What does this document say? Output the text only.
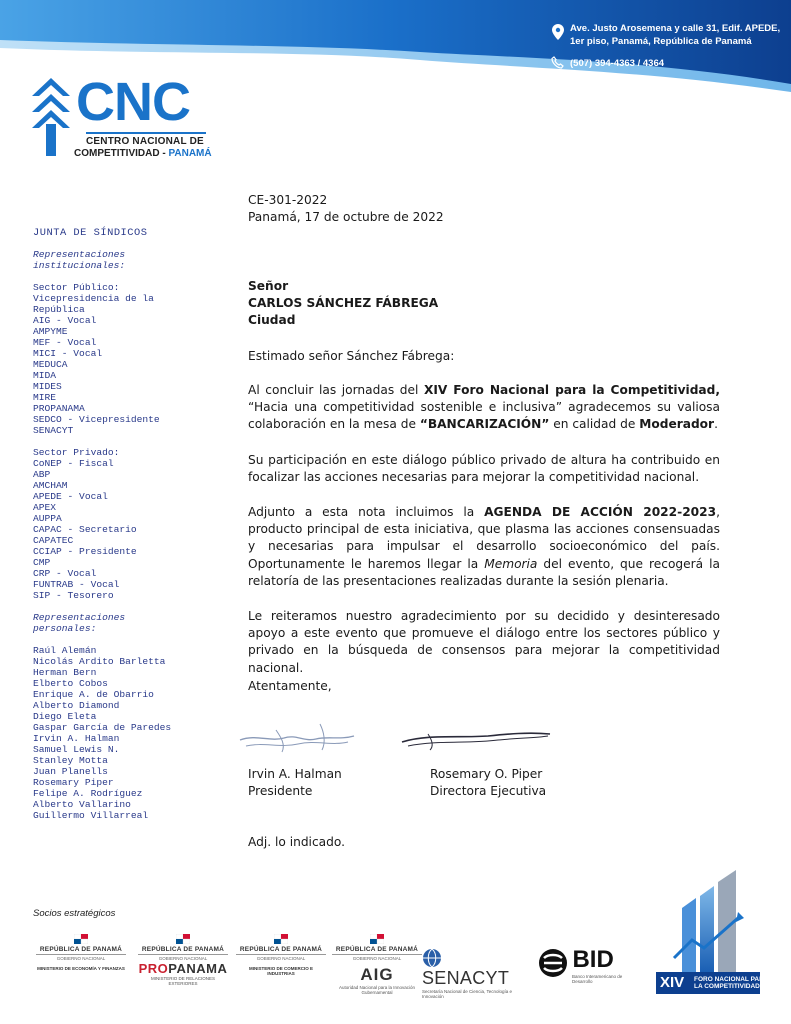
Ave. Justo Arosemena y calle 31, Edif. APEDE,
1er piso, Panamá, República de Panamá
(507) 394-4363 / 4364
CNC
CENTRO NACIONAL DE
COMPETITIVIDAD - PANAMÁ
JUNTA DE SÍNDICOS
Representaciones
institucionales:
Sector Público:
Vicepresidencia de la
República
AIG - Vocal
AMPYME
MEF - Vocal
MICI - Vocal
MEDUCA
MIDA
MIDES
MIRE
PROPANAMA
SEDCO - Vicepresidente
SENACYT
Sector Privado:
CoNEP - Fiscal
ABP
AMCHAM
APEDE - Vocal
APEX
AUPPA
CAPAC - Secretario
CAPATEC
CCIAP - Presidente
CMP
CRP - Vocal
FUNTRAB - Vocal
SIP - Tesorero
Representaciones
personales:
Raúl Alemán
Nicolás Ardito Barletta
Herman Bern
Elberto Cobos
Enrique A. de Obarrio
Alberto Diamond
Diego Eleta
Gaspar García de Paredes
Irvin A. Halman
Samuel Lewis N.
Stanley Motta
Juan Planells
Rosemary Piper
Felipe A. Rodríguez
Alberto Vallarino
Guillermo Villarreal

CE-301-2022

Panamá, 17 de octubre de 2022

Señor

CARLOS SÁNCHEZ FÁBREGA

Ciudad

Estimado señor Sánchez Fábrega:

Al concluir las jornadas del XIV Foro Nacional para la Competitividad, “Hacia una competitividad sostenible e inclusiva” agradecemos su valiosa colaboración en la mesa de “BANCARIZACIÓN” en calidad de Moderador.

Su participación en este diálogo público privado de altura ha contribuido en focalizar las acciones necesarias para mejorar la competitividad nacional.

Adjunto a esta nota incluimos la AGENDA DE ACCIÓN 2022-2023, producto principal de esta iniciativa, que plasma las acciones consensuadas y necesarias para impulsar el desarrollo socioeconómico del país. Oportunamente le haremos llegar la Memoria del evento, que recogerá la relatoría de las presentaciones realizadas durante la sesión plenaria.

Le reiteramos nuestro agradecimiento por su decidido y desinteresado apoyo a este evento que promueve el diálogo entre los sectores público y privado en la búsqueda de consensos para mejorar la competitividad nacional.

Atentamente,

Irvin A. Halman

Presidente

Rosemary O. Piper

Directora Ejecutiva

Adj. lo indicado.

Socios estratégicos
REPÚBLICA DE PANAMÁ
GOBIERNO NACIONAL
MINISTERIO DE ECONOMÍA Y FINANZAS
REPÚBLICA DE PANAMÁ
GOBIERNO NACIONAL
PROPANAMA
MINISTERIO DE RELACIONES EXTERIORES
REPÚBLICA DE PANAMÁ
GOBIERNO NACIONAL
MINISTERIO DE COMERCIO E INDUSTRIAS
REPÚBLICA DE PANAMÁ
GOBIERNO NACIONAL
AIG
Autoridad Nacional para la Innovación Gubernamental
SENACYT
Secretaría Nacional de Ciencia, Tecnología e Innovación
BID
Banco Interamericano de Desarrollo	XIV FORO NACIONAL PARA
LA COMPETITIVIDAD
